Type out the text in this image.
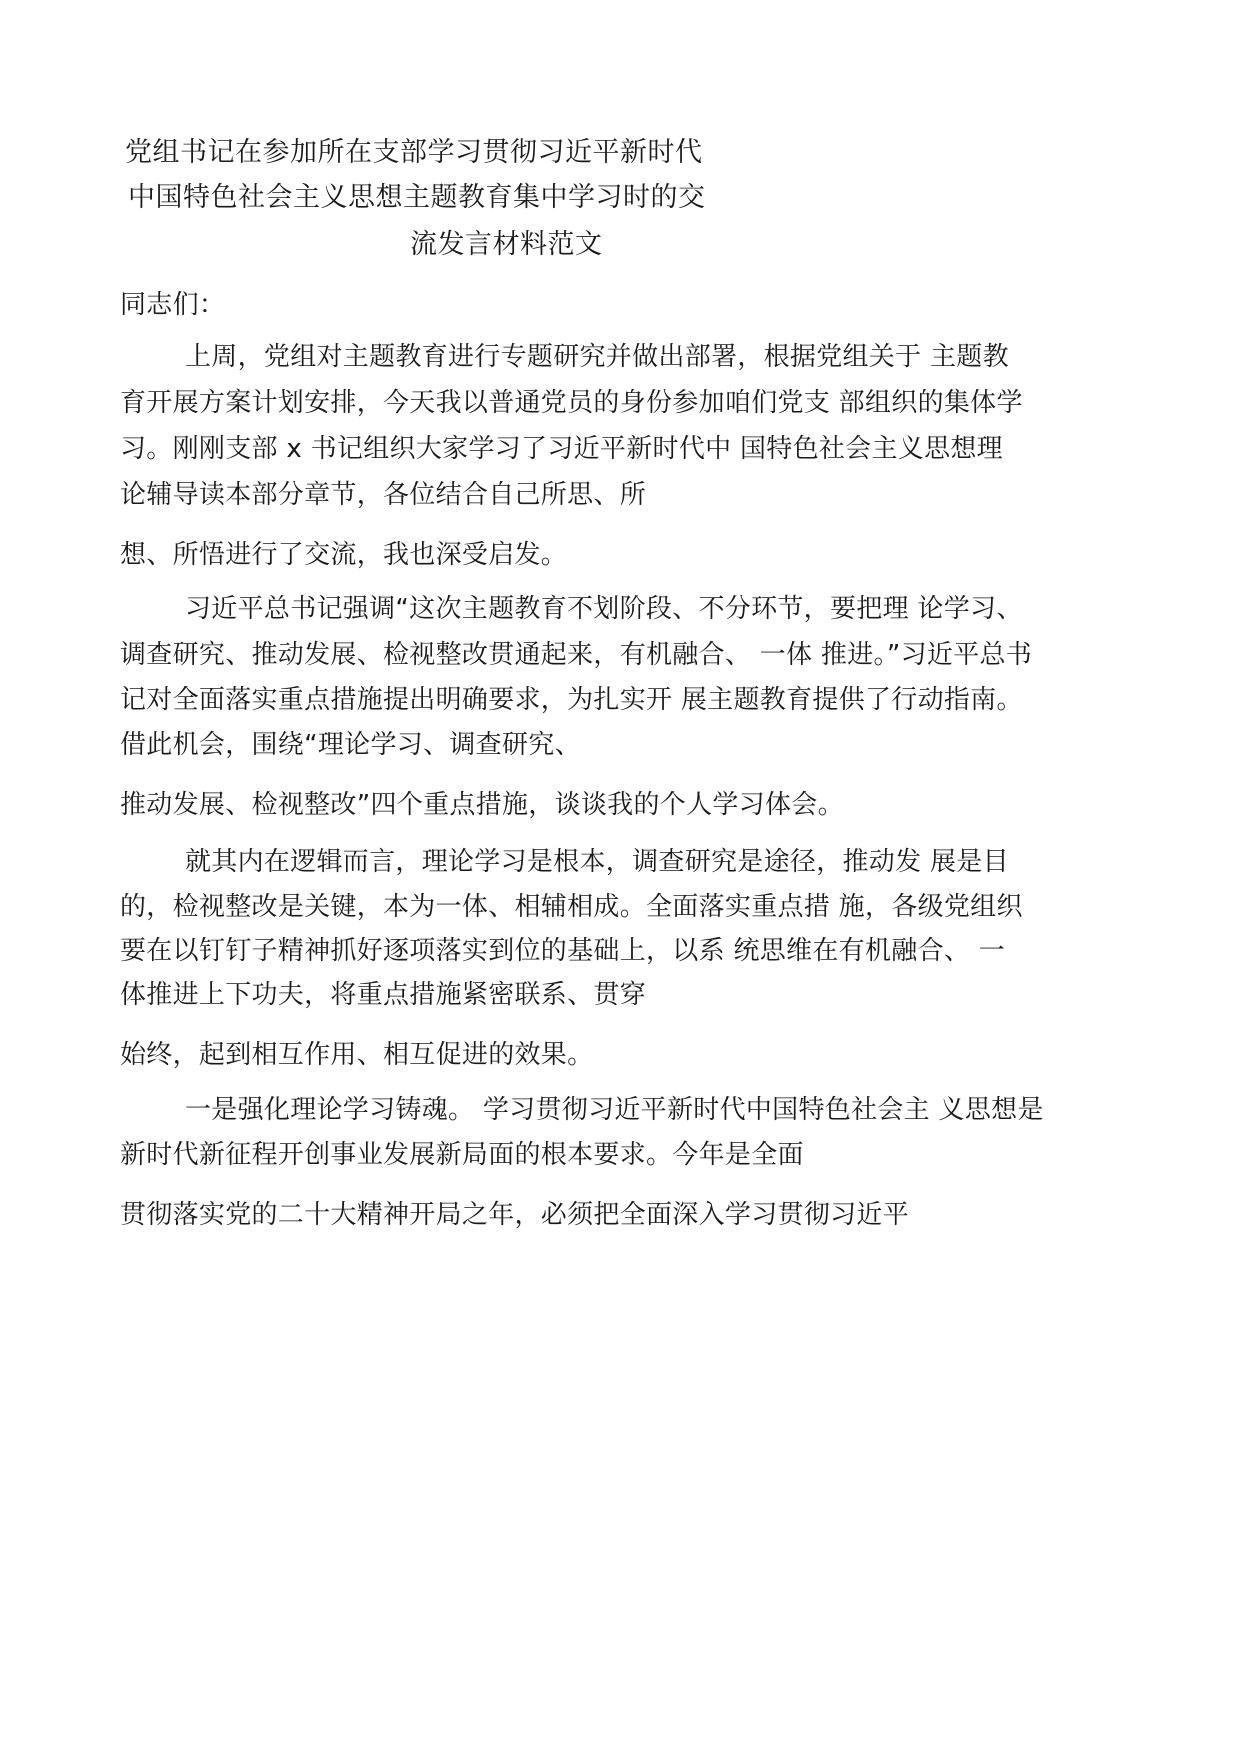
党组书记在参加所在支部学习贯彻习近平新时代
中国特色社会主义思想主题教育集中学习时的交
流发言材料范文
同志们：
上周，党组对主题教育进行专题研究并做出部署，根据党组关于 主题教
育开展方案计划安排，今天我以普通党员的身份参加咱们党支 部组织的集体学
习。刚刚支部 x 书记组织大家学习了习近平新时代中 国特色社会主义思想理
论辅导读本部分章节，各位结合自己所思、所
想、所悟进行了交流，我也深受启发。
习近平总书记强调“这次主题教育不划阶段、不分环节，要把理 论学习、
调查研究、推动发展、检视整改贯通起来，有机融合、 一体 推进。”习近平总书
记对全面落实重点措施提出明确要求，为扎实开 展主题教育提供了行动指南。
借此机会，围绕“理论学习、调查研究、
推动发展、检视整改”四个重点措施，谈谈我的个人学习体会。
就其内在逻辑而言，理论学习是根本，调查研究是途径，推动发 展是目
的，检视整改是关键，本为一体、相辅相成。全面落实重点措 施，各级党组织
要在以钉钉子精神抓好逐项落实到位的基础上，以系 统思维在有机融合、 一
体推进上下功夫，将重点措施紧密联系、贯穿
始终，起到相互作用、相互促进的效果。
一是强化理论学习铸魂。 学习贯彻习近平新时代中国特色社会主 义思想是
新时代新征程开创事业发展新局面的根本要求。今年是全面
贯彻落实党的二十大精神开局之年，必须把全面深入学习贯彻习近平
